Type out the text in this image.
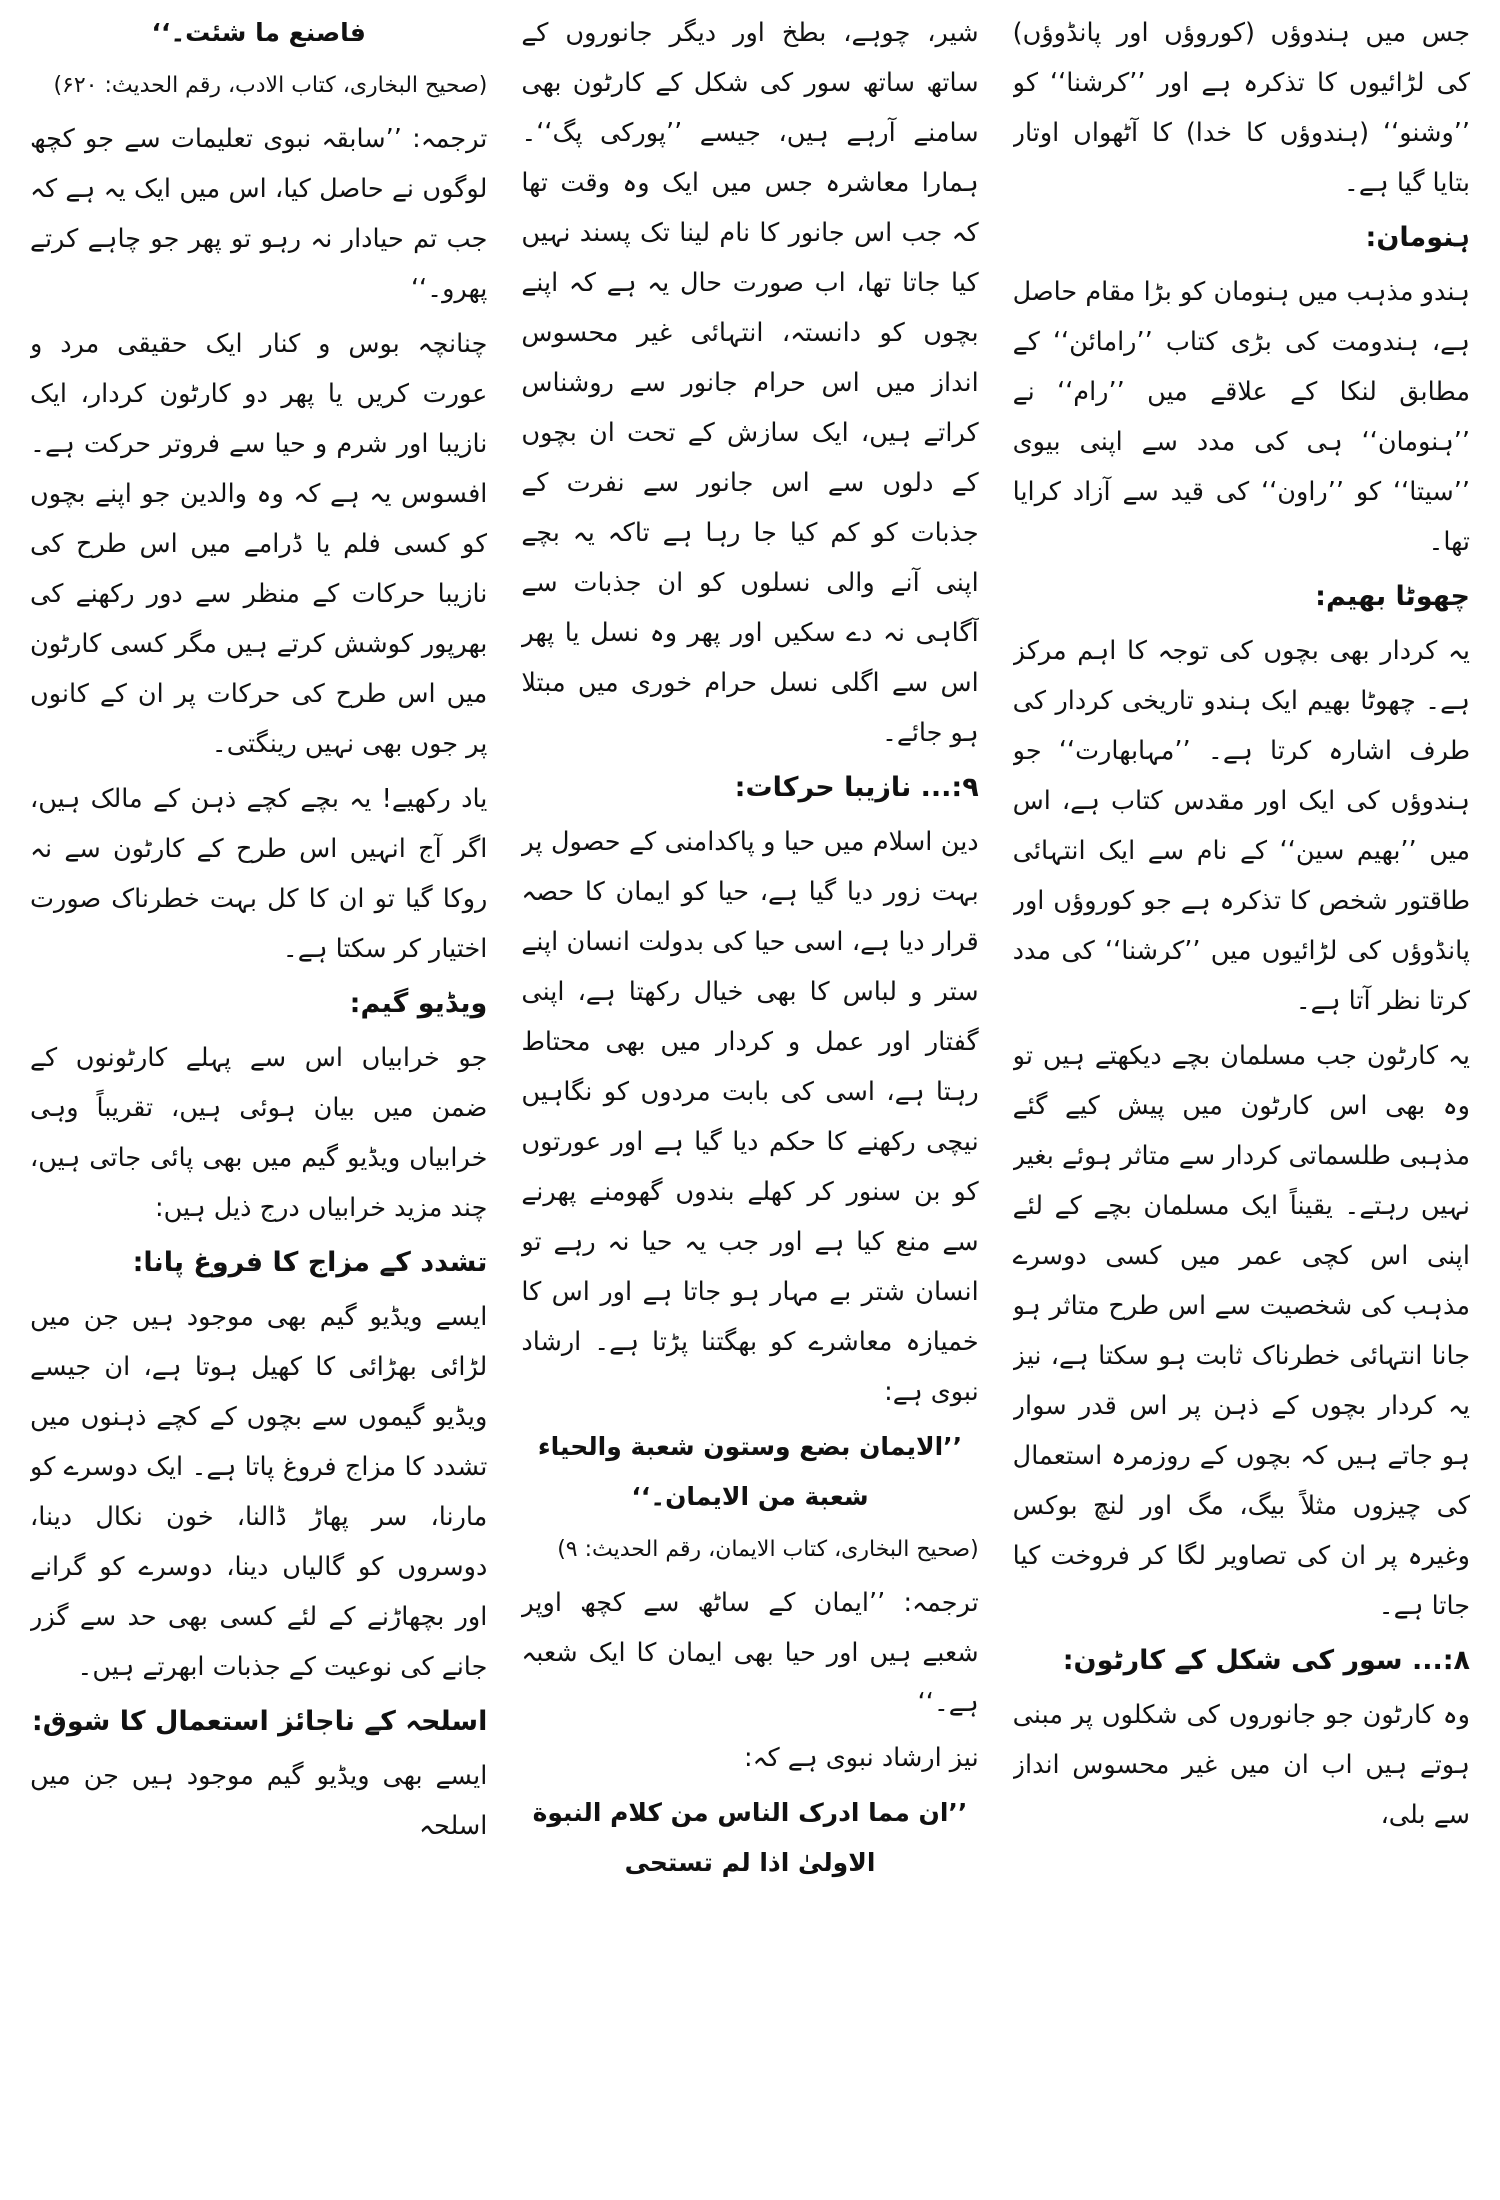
جس میں ہندوؤں (کوروؤں اور پانڈوؤں) کی لڑائیوں کا تذکرہ ہے اور ’’کرشنا‘‘ کو ’’وشنو‘‘ (ہندوؤں کا خدا) کا آٹھواں اوتار بتایا گیا ہے۔

ہنومان:

ہندو مذہب میں ہنومان کو بڑا مقام حاصل ہے، ہندومت کی بڑی کتاب ’’رامائن‘‘ کے مطابق لنکا کے علاقے میں ’’رام‘‘ نے ’’ہنومان‘‘ ہی کی مدد سے اپنی بیوی ’’سیتا‘‘ کو ’’راون‘‘ کی قید سے آزاد کرایا تھا۔

چھوٹا بھیم:

یہ کردار بھی بچوں کی توجہ کا اہم مرکز ہے۔ چھوٹا بھیم ایک ہندو تاریخی کردار کی طرف اشارہ کرتا ہے۔ ’’مہابھارت‘‘ جو ہندوؤں کی ایک اور مقدس کتاب ہے، اس میں ’’بھیم سین‘‘ کے نام سے ایک انتہائی طاقتور شخص کا تذکرہ ہے جو کوروؤں اور پانڈوؤں کی لڑائیوں میں ’’کرشنا‘‘ کی مدد کرتا نظر آتا ہے۔

یہ کارٹون جب مسلمان بچے دیکھتے ہیں تو وہ بھی اس کارٹون میں پیش کیے گئے مذہبی طلسماتی کردار سے متاثر ہوئے بغیر نہیں رہتے۔ یقیناً ایک مسلمان بچے کے لئے اپنی اس کچی عمر میں کسی دوسرے مذہب کی شخصیت سے اس طرح متاثر ہو جانا انتہائی خطرناک ثابت ہو سکتا ہے، نیز یہ کردار بچوں کے ذہن پر اس قدر سوار ہو جاتے ہیں کہ بچوں کے روزمرہ استعمال کی چیزوں مثلاً بیگ، مگ اور لنچ بوکس وغیرہ پر ان کی تصاویر لگا کر فروخت کیا جاتا ہے۔

۸:... سور کی شکل کے کارٹون:

وہ کارٹون جو جانوروں کی شکلوں پر مبنی ہوتے ہیں اب ان میں غیر محسوس انداز سے بلی،

شیر، چوہے، بطخ اور دیگر جانوروں کے ساتھ ساتھ سور کی شکل کے کارٹون بھی سامنے آرہے ہیں، جیسے ’’پورکی پگ‘‘۔ ہمارا معاشرہ جس میں ایک وہ وقت تھا کہ جب اس جانور کا نام لینا تک پسند نہیں کیا جاتا تھا، اب صورت حال یہ ہے کہ اپنے بچوں کو دانستہ، انتہائی غیر محسوس انداز میں اس حرام جانور سے روشناس کراتے ہیں، ایک سازش کے تحت ان بچوں کے دلوں سے اس جانور سے نفرت کے جذبات کو کم کیا جا رہا ہے تاکہ یہ بچے اپنی آنے والی نسلوں کو ان جذبات سے آگاہی نہ دے سکیں اور پھر وہ نسل یا پھر اس سے اگلی نسل حرام خوری میں مبتلا ہو جائے۔

۹:... نازیبا حرکات:

دین اسلام میں حیا و پاکدامنی کے حصول پر بہت زور دیا گیا ہے، حیا کو ایمان کا حصہ قرار دیا ہے، اسی حیا کی بدولت انسان اپنے ستر و لباس کا بھی خیال رکھتا ہے، اپنی گفتار اور عمل و کردار میں بھی محتاط رہتا ہے، اسی کی بابت مردوں کو نگاہیں نیچی رکھنے کا حکم دیا گیا ہے اور عورتوں کو بن سنور کر کھلے بندوں گھومنے پھرنے سے منع کیا ہے اور جب یہ حیا نہ رہے تو انسان شتر بے مہار ہو جاتا ہے اور اس کا خمیازہ معاشرے کو بھگتنا پڑتا ہے۔ ارشاد نبوی ہے:

’’الایمان بضع وستون شعبة والحیاء شعبة من الایمان۔‘‘

(صحیح البخاری، کتاب الایمان، رقم الحدیث: ۹)

ترجمہ: ’’ایمان کے ساٹھ سے کچھ اوپر شعبے ہیں اور حیا بھی ایمان کا ایک شعبہ ہے۔‘‘

نیز ارشاد نبوی ہے کہ:

’’ان مما ادرک الناس من کلام النبوة الاولیٰ اذا لم تستحی

فاصنع ما شئت۔‘‘

(صحیح البخاری، کتاب الادب، رقم الحدیث: ۶۲۰)

ترجمہ: ’’سابقہ نبوی تعلیمات سے جو کچھ لوگوں نے حاصل کیا، اس میں ایک یہ ہے کہ جب تم حیادار نہ رہو تو پھر جو چاہے کرتے پھرو۔‘‘

چنانچہ بوس و کنار ایک حقیقی مرد و عورت کریں یا پھر دو کارٹون کردار، ایک نازیبا اور شرم و حیا سے فروتر حرکت ہے۔ افسوس یہ ہے کہ وہ والدین جو اپنے بچوں کو کسی فلم یا ڈرامے میں اس طرح کی نازیبا حرکات کے منظر سے دور رکھنے کی بھرپور کوشش کرتے ہیں مگر کسی کارٹون میں اس طرح کی حرکات پر ان کے کانوں پر جوں بھی نہیں رینگتی۔

یاد رکھیے! یہ بچے کچے ذہن کے مالک ہیں، اگر آج انہیں اس طرح کے کارٹون سے نہ روکا گیا تو ان کا کل بہت خطرناک صورت اختیار کر سکتا ہے۔

ویڈیو گیم:

جو خرابیاں اس سے پہلے کارٹونوں کے ضمن میں بیان ہوئی ہیں، تقریباً وہی خرابیاں ویڈیو گیم میں بھی پائی جاتی ہیں، چند مزید خرابیاں درج ذیل ہیں:

تشدد کے مزاج کا فروغ پانا:

ایسے ویڈیو گیم بھی موجود ہیں جن میں لڑائی بھڑائی کا کھیل ہوتا ہے، ان جیسے ویڈیو گیموں سے بچوں کے کچے ذہنوں میں تشدد کا مزاج فروغ پاتا ہے۔ ایک دوسرے کو مارنا، سر پھاڑ ڈالنا، خون نکال دینا، دوسروں کو گالیاں دینا، دوسرے کو گرانے اور بچھاڑنے کے لئے کسی بھی حد سے گزر جانے کی نوعیت کے جذبات ابھرتے ہیں۔

اسلحہ کے ناجائز استعمال کا شوق:

ایسے بھی ویڈیو گیم موجود ہیں جن میں اسلحہ
